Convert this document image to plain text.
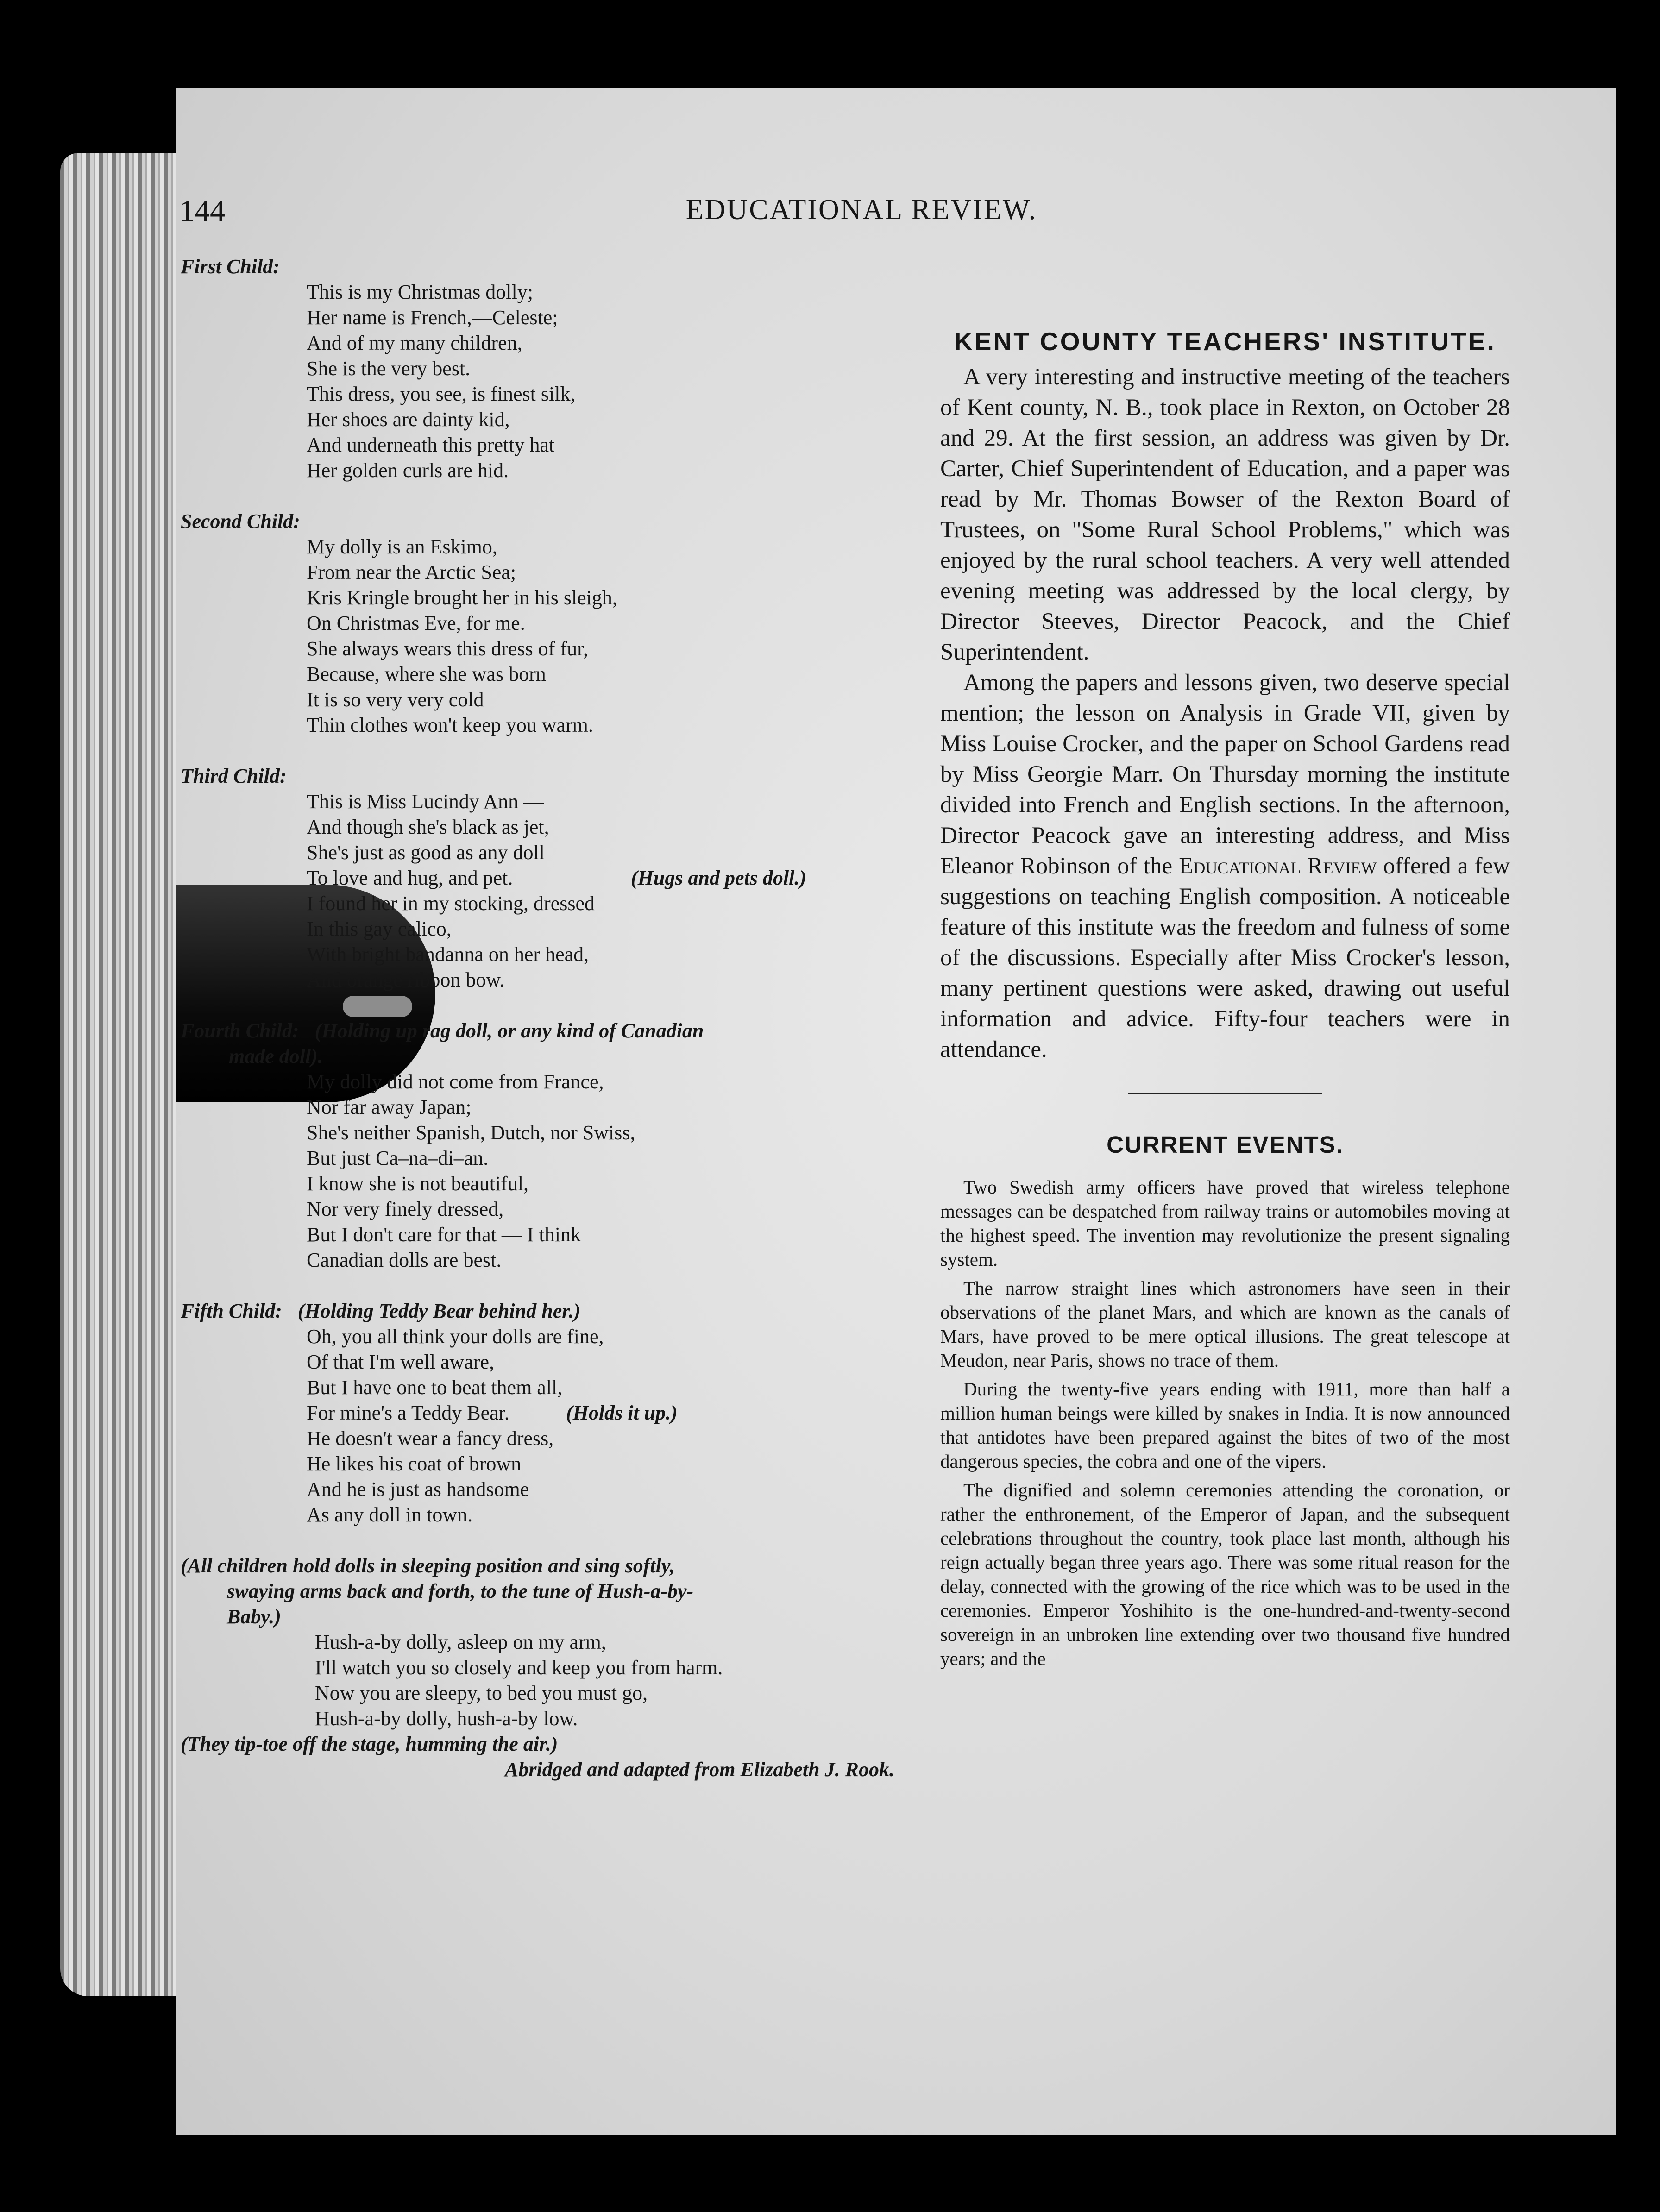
144	EDUCATIONAL REVIEW.
First Child:
This is my Christmas dolly;
Her name is French,—Celeste;
And of my many children,
She is the very best.
This dress, you see, is finest silk,
Her shoes are dainty kid,
And underneath this pretty hat
Her golden curls are hid.
Second Child:
My dolly is an Eskimo,
From near the Arctic Sea;
Kris Kringle brought her in his sleigh,
On Christmas Eve, for me.
She always wears this dress of fur,
Because, where she was born
It is so very very cold
Thin clothes won't keep you warm.
Third Child:
This is Miss Lucindy Ann —
And though she's black as jet,
She's just as good as any doll
To love and hug, and pet.	(Hugs and pets doll.)
I found her in my stocking, dressed
In this gay calico,
With bright bandanna on her head,
And orange ribbon bow.
Fourth Child: (Holding up rag doll, or any kind of Canadian
made doll).
My dolly did not come from France,
Nor far away Japan;
She's neither Spanish, Dutch, nor Swiss,
But just Ca–na–di–an.
I know she is not beautiful,
Nor very finely dressed,
But I don't care for that — I think
Canadian dolls are best.
Fifth Child: (Holding Teddy Bear behind her.)
Oh, you all think your dolls are fine,
Of that I'm well aware,
But I have one to beat them all,
For mine's a Teddy Bear.	(Holds it up.)
He doesn't wear a fancy dress,
He likes his coat of brown
And he is just as handsome
As any doll in town.
(All children hold dolls in sleeping position and sing softly,
swaying arms back and forth, to the tune of Hush-a-by-
Baby.)
Hush-a-by dolly, asleep on my arm,
I'll watch you so closely and keep you from harm.
Now you are sleepy, to bed you must go,
Hush-a-by dolly, hush-a-by low.
(They tip-toe off the stage, humming the air.)
Abridged and adapted from Elizabeth J. Rook.
KENT COUNTY TEACHERS' INSTITUTE.

A very interesting and instructive meeting of the teachers of Kent county, N. B., took place in Rexton, on October 28 and 29. At the first session, an address was given by Dr. Carter, Chief Superintendent of Education, and a paper was read by Mr. Thomas Bowser of the Rexton Board of Trustees, on "Some Rural School Problems," which was enjoyed by the rural school teachers. A very well attended evening meeting was addressed by the local clergy, by Director Steeves, Director Peacock, and the Chief Superintendent.

Among the papers and lessons given, two deserve special mention; the lesson on Analysis in Grade VII, given by Miss Louise Crocker, and the paper on School Gardens read by Miss Georgie Marr. On Thursday morning the institute divided into French and English sections. In the afternoon, Director Peacock gave an interesting address, and Miss Eleanor Robinson of the Educational Review offered a few suggestions on teaching English composition. A noticeable feature of this institute was the freedom and fulness of some of the discussions. Especially after Miss Crocker's lesson, many pertinent questions were asked, drawing out useful information and advice. Fifty-four teachers were in attendance.

CURRENT EVENTS.

Two Swedish army officers have proved that wireless telephone messages can be despatched from railway trains or automobiles moving at the highest speed. The invention may revolutionize the present signaling system.

The narrow straight lines which astronomers have seen in their observations of the planet Mars, and which are known as the canals of Mars, have proved to be mere optical illusions. The great telescope at Meudon, near Paris, shows no trace of them.

During the twenty-five years ending with 1911, more than half a million human beings were killed by snakes in India. It is now announced that antidotes have been prepared against the bites of two of the most dangerous species, the cobra and one of the vipers.

The dignified and solemn ceremonies attending the coronation, or rather the enthronement, of the Emperor of Japan, and the subsequent celebrations throughout the country, took place last month, although his reign actually began three years ago. There was some ritual reason for the delay, connected with the growing of the rice which was to be used in the ceremonies. Emperor Yoshihito is the one-hundred-and-twenty-second sovereign in an unbroken line extending over two thousand five hundred years; and the
